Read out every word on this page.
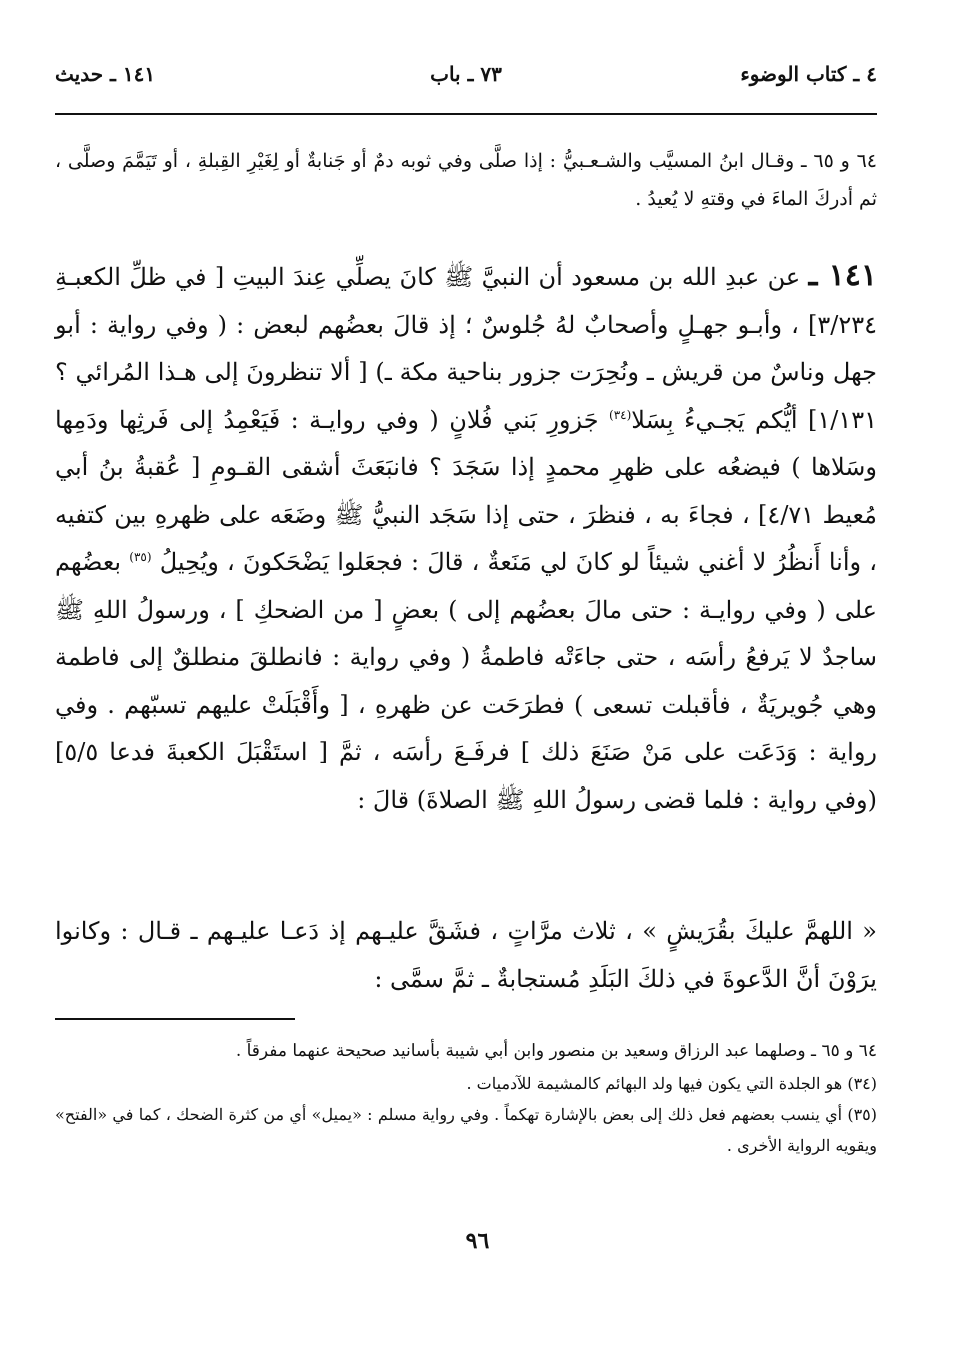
٤ ـ كتاب الوضوء
٧٣ ـ باب
١٤١ ـ حديث

٦٤ و ٦٥ ـ وقـال ابنُ المسيَّب والشـعـبيُّ : إذا صلَّى وفي ثوبه دمٌ أو جَنابةٌ أو لِغَيْرِ القِبلةِ ، أو تَيَمَّمَ وصلَّى ، ثم أدركَ الماءَ في وقتهِ لا يُعيدُ .

١٤١ ـ عن عبدِ الله بن مسعود أن النبيَّ ﷺ كانَ يصلِّي عِندَ البيتِ [ في ظلِّ الكعبـةِ ٣/٢٣٤] ، وأبـو جهـلٍ وأصحابٌ لهُ جُلوسٌ ؛ إذ قالَ بعضُهم لبعض : ( وفي رواية : أبو جهل وناسٌ من قريش ـ ونُحِرَت جزور بناحية مكة ـ) [ ألا تنظرونَ إلى هـذا المُرائي ؟ ١/١٣١] أيُّكم يَجـيءُ بِسَلا$^{(٣٤)}$ جَزورِ بَني فُلانٍ ( وفي روايـة : فَيَعْمِدُ إلى فَرثِها ودَمِها وسَلاها ) فيضعُه على ظهرِ محمدٍ إذا سَجَدَ ؟ فانبَعَثَ أشقى القـومِ [ عُقبةُ بنُ أبي مُعيط ٤/٧١] ، فجاءَ به ، فنظرَ ، حتى إذا سَجَد النبيُّ ﷺ وضَعَه على ظهرهِ بين كتفيه ، وأنا أَنظُرُ لا أغني شيئاً لو كانَ لي مَنَعةٌ ، قالَ : فجعَلوا يَضْحَكونَ ، ويُحِيلُ $^{(٣٥)}$ بعضُهم على ( وفي روايـة : حتى مالَ بعضُهم إلى ) بعضٍ [ من الضحكِ ] ، ورسولُ اللهِ ﷺ ساجدٌ لا يَرفعُ رأسَه ، حتى جاءَتْه فاطمةُ ( وفي رواية : فانطلقَ منطلقٌ إلى فاطمة وهي جُويريَةٌ ، فأقبلت تسعى ) فطرَحَت عن ظهرهِ ، [ وأَقْبَلَتْ عليهم تسبّهم . وفي رواية : وَدَعَت على مَنْ صَنَعَ ذلك ] فرفَـعَ رأسَه ، ثمَّ [ استَقْبَلَ الكعبةَ فدعا ٥/٥] (وفي رواية : فلما قضى رسولُ اللهِ ﷺ الصلاةَ) قالَ :

« اللهمَّ عليكَ بقُرَيشٍ » ، ثلاث مرَّاتٍ ، فشَقَّ عليـهم إذ دَعـا عليـهم ـ قـال : وكانوا يرَوْنَ أنَّ الدَّعوةَ في ذلكَ البَلَدِ مُستجابةٌ ـ ثمَّ سمَّى :

٦٤ و ٦٥ ـ وصلهما عبد الرزاق وسعيد بن منصور وابن أبي شيبة بأسانيد صحيحة عنهما مفرقاً .

(٣٤) هو الجلدة التي يكون فيها ولد البهائم كالمشيمة للآدميات .

(٣٥) أي ينسب بعضهم فعل ذلك إلى بعض بالإشارة تهكماً . وفي رواية مسلم : «يميل» أي من كثرة الضحك ، كما في «الفتح» ويقويه الرواية الأخرى .

٩٦
